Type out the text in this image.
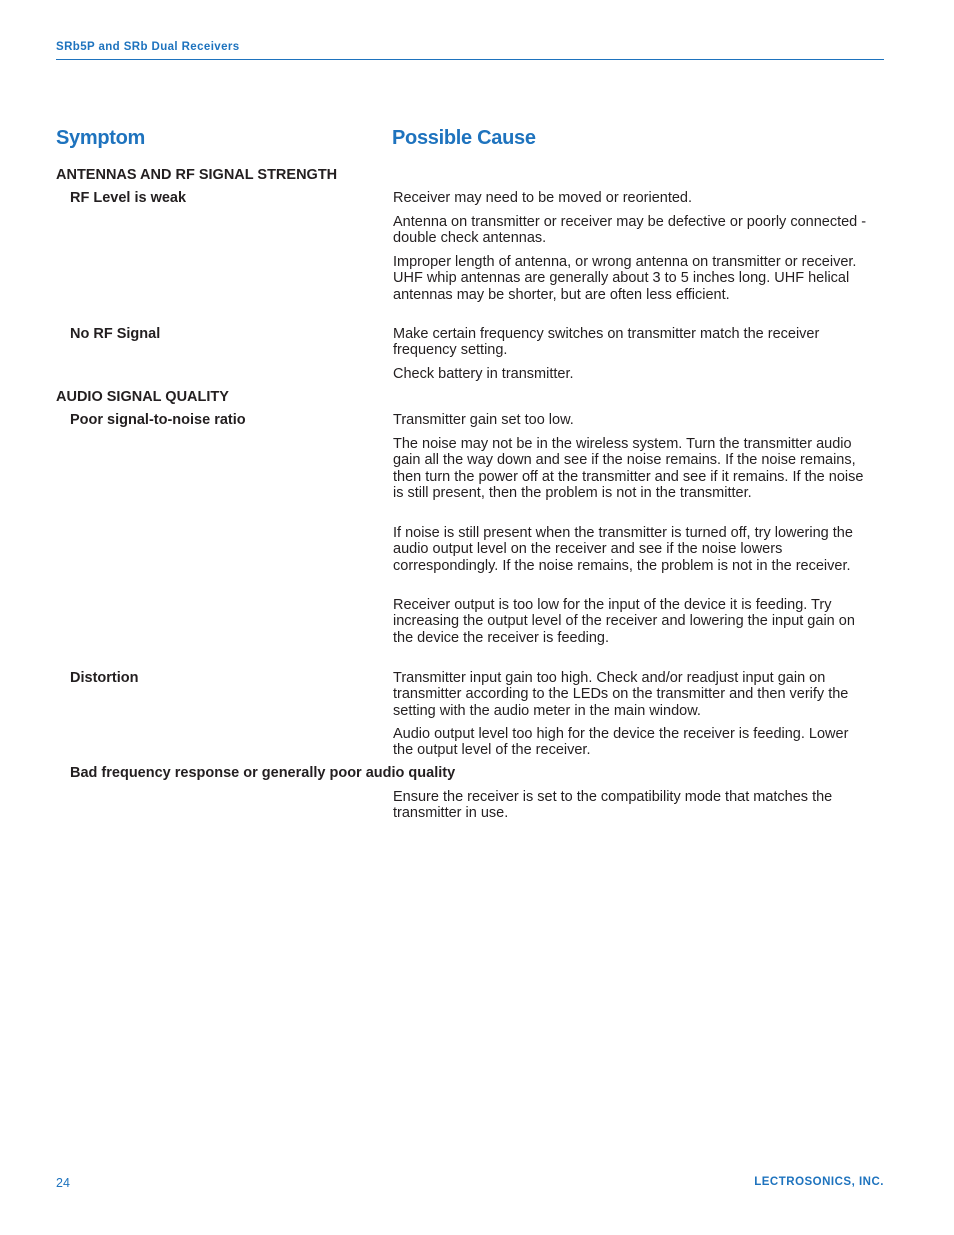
SRb5P and SRb Dual Receivers
Symptom	Possible Cause
ANTENNAS AND RF SIGNAL STRENGTH
RF Level is weak	Receiver may need to be moved or reoriented.
Antenna on transmitter or receiver may be defective or poorly connected - double check antennas.
Improper length of antenna, or wrong antenna on transmitter or receiver. UHF whip antennas are generally about 3 to 5 inches long. UHF helical antennas may be shorter, but are often less efficient.
No RF Signal	Make certain frequency switches on transmitter match the receiver frequency setting.
Check battery in transmitter.
AUDIO SIGNAL QUALITY
Poor signal-to-noise ratio	Transmitter gain set too low.
The noise may not be in the wireless system. Turn the transmitter audio gain all the way down and see if the noise remains. If the noise remains, then turn the power off at the transmitter and see if it remains. If the noise is still present, then the problem is not in the transmitter.
If noise is still present when the transmitter is turned off, try lowering the audio output level on the receiver and see if the noise lowers correspondingly. If the noise remains, the problem is not in the receiver.
Receiver output is too low for the input of the device it is feeding. Try increasing the output level of the receiver and lowering the input gain on the device the receiver is feeding.
Distortion	Transmitter input gain too high. Check and/or readjust input gain on transmitter according to the LEDs on the transmitter and then verify the setting with the audio meter in the main window.
Audio output level too high for the device the receiver is feeding. Lower the output level of the receiver.
Bad frequency response or generally poor audio quality
Ensure the receiver is set to the compatibility mode that matches the transmitter in use.
24	LECTROSONICS, INC.
